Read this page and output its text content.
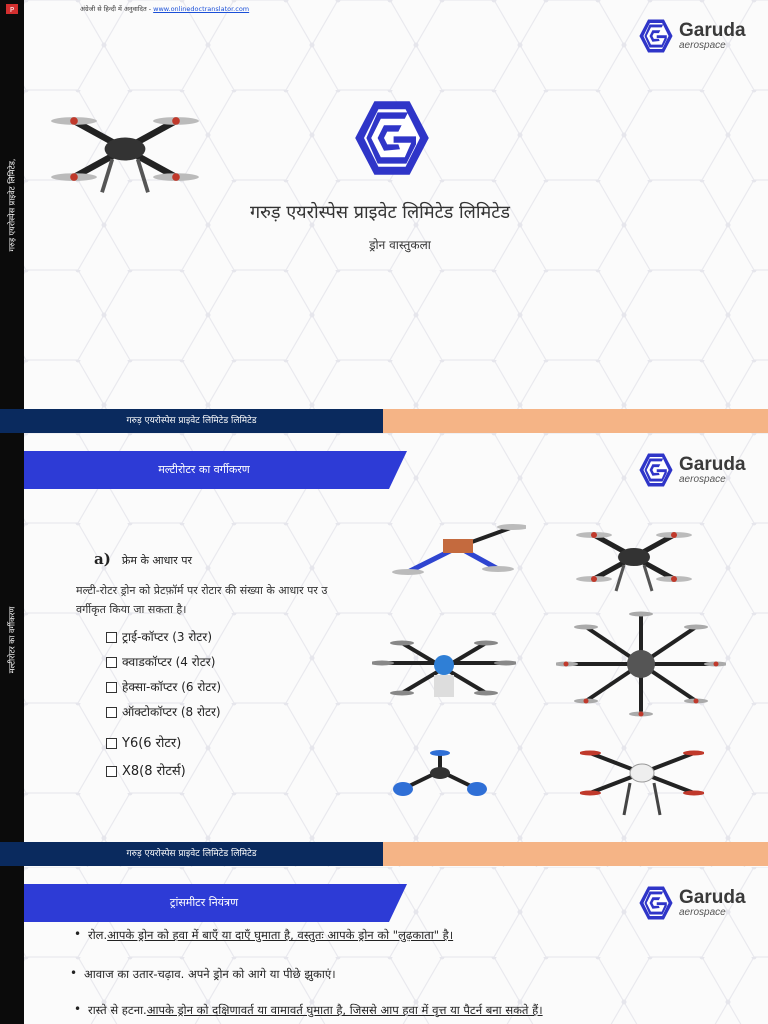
गरुड़ एयरोस्पेस प्राइवेट लिमिटेड,
P	अंग्रेजी से हिन्दी में अनुवादित - www.onlinedoctranslator.com
Garuda
aerospace
गरुड़ एयरोस्पेस प्राइवेट लिमिटेड लिमिटेड
ड्रोन वास्तुकला
गरुड़ एयरोस्पेस प्राइवेट लिमिटेड लिमिटेड
मल्टीरोटर का वर्गीकरण
मल्टीरोटर का वर्गीकरण	Garuda
aerospace
a) फ्रेम के आधार पर
मल्टी-रोटर ड्रोन को प्रेटफ़ॉर्म पर रोटार की संख्या के आधार पर उ
वर्गीकृत किया जा सकता है।
ट्राई-कॉप्टर (3 रोटर)
क्वाडकॉप्टर (4 रोटर)
हेक्सा-कॉप्टर (6 रोटर)
ऑक्टोकॉप्टर (8 रोटर)
Y6(6 रोटर)
X8(8 रोटर्स)
गरुड़ एयरोस्पेस प्राइवेट लिमिटेड लिमिटेड
ट्रांसमीटर नियंत्रण	Garuda
aerospace
• रोल.आपके ड्रोन को हवा में बाएँ या दाएँ घुमाता है, वस्तुतः आपके ड्रोन को "लुढ़काता" है।
• आवाज का उतार-चढ़ाव. अपने ड्रोन को आगे या पीछे झुकाएं।
• रास्ते से हटना.आपके ड्रोन को दक्षिणावर्त या वामावर्त घुमाता है, जिससे आप हवा में वृत्त या पैटर्न बना सकते हैं।
